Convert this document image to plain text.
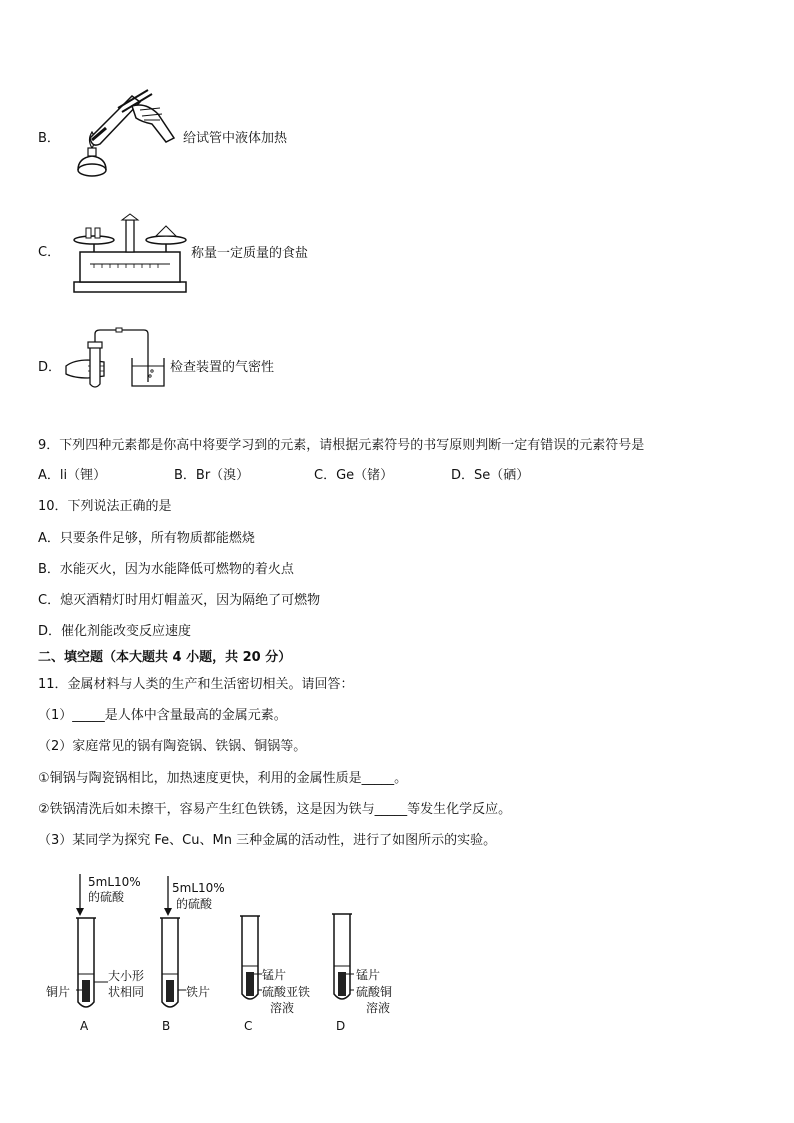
B．	给试管中液体加热
C．	称量一定质量的食盐
D．	检查装置的气密性
9．下列四种元素都是你高中将要学习到的元素，请根据元素符号的书写原则判断一定有错误的元素符号是
A．li（锂）	B．Br（溴）	C．Ge（锗）	D．Se（硒）
10．下列说法正确的是
A．只要条件足够，所有物质都能燃烧
B．水能灭火，因为水能降低可燃物的着火点
C．熄灭酒精灯时用灯帽盖灭，因为隔绝了可燃物
D．催化剂能改变反应速度
二、填空题（本大题共 4 小题，共 20 分）
11．金属材料与人类的生产和生活密切相关。请回答：
（1）_____是人体中含量最高的金属元素。
（2）家庭常见的锅有陶瓷锅、铁锅、铜锅等。
①铜锅与陶瓷锅相比，加热速度更快，利用的金属性质是_____。
②铁锅清洗后如未擦干，容易产生红色铁锈，这是因为铁与_____等发生化学反应。
（3）某同学为探究 Fe、Cu、Mn 三种金属的活动性，进行了如图所示的实验。
5mL10%
的硫酸
铜片
大小形
状相同
A
5mL10%
的硫酸
铁片
B
锰片
硫酸亚铁
溶液
C
锰片
硫酸铜
溶液
D
